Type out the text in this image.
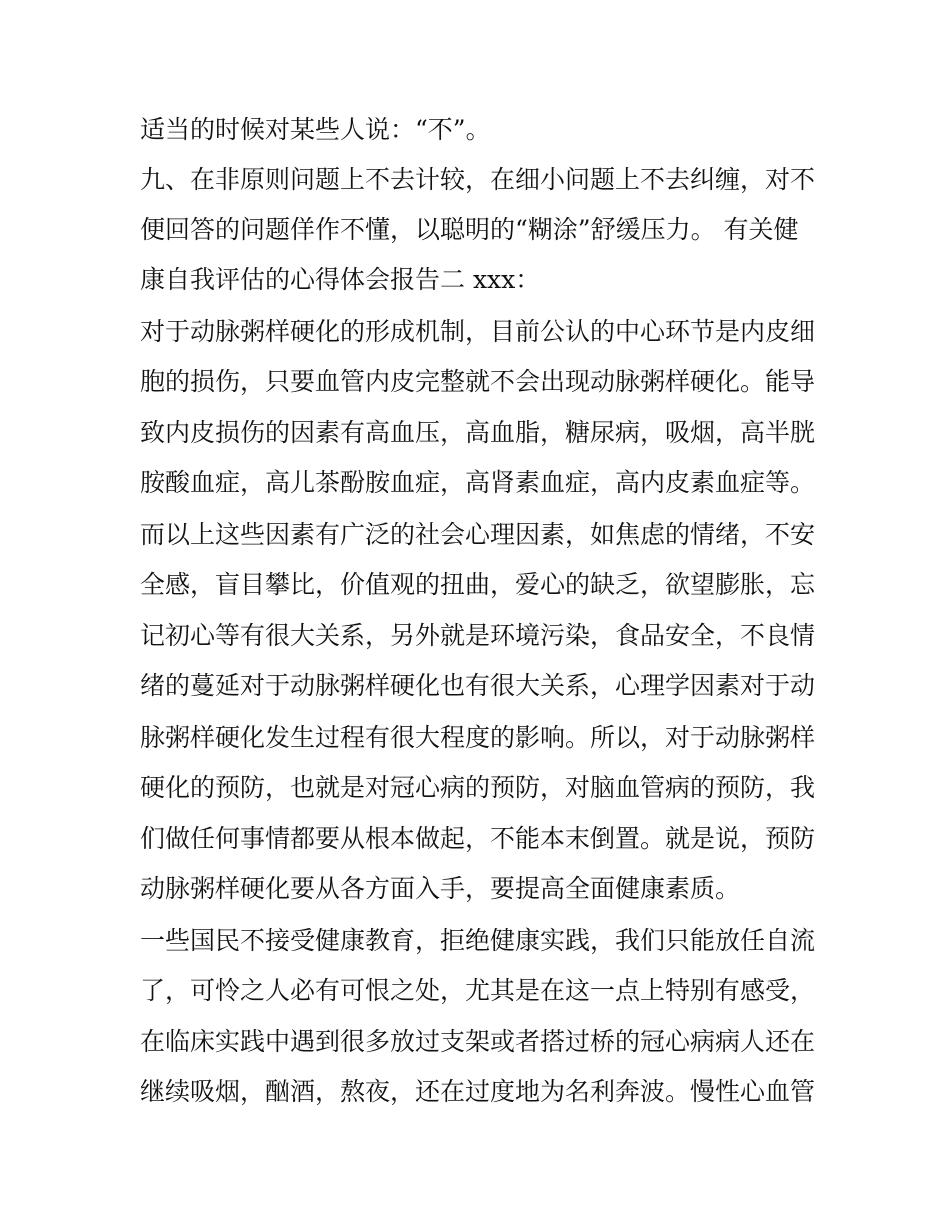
适当的时候对某些人说：“不”。
九、在非原则问题上不去计较，在细小问题上不去纠缠，对不
便回答的问题佯作不懂，以聪明的“糊涂”舒缓压力。 有关健
康自我评估的心得体会报告二 xxx：
对于动脉粥样硬化的形成机制，目前公认的中心环节是内皮细
胞的损伤，只要血管内皮完整就不会出现动脉粥样硬化。能导
致内皮损伤的因素有高血压，高血脂，糖尿病，吸烟，高半胱
胺酸血症，高儿茶酚胺血症，高肾素血症，高内皮素血症等。
而以上这些因素有广泛的社会心理因素，如焦虑的情绪，不安
全感，盲目攀比，价值观的扭曲，爱心的缺乏，欲望膨胀，忘
记初心等有很大关系，另外就是环境污染，食品安全，不良情
绪的蔓延对于动脉粥样硬化也有很大关系，心理学因素对于动
脉粥样硬化发生过程有很大程度的影响。所以，对于动脉粥样
硬化的预防，也就是对冠心病的预防，对脑血管病的预防，我
们做任何事情都要从根本做起，不能本末倒置。就是说，预防
动脉粥样硬化要从各方面入手，要提高全面健康素质。
一些国民不接受健康教育，拒绝健康实践，我们只能放任自流
了，可怜之人必有可恨之处，尤其是在这一点上特别有感受，
在临床实践中遇到很多放过支架或者搭过桥的冠心病病人还在
继续吸烟，酗酒，熬夜，还在过度地为名利奔波。慢性心血管
